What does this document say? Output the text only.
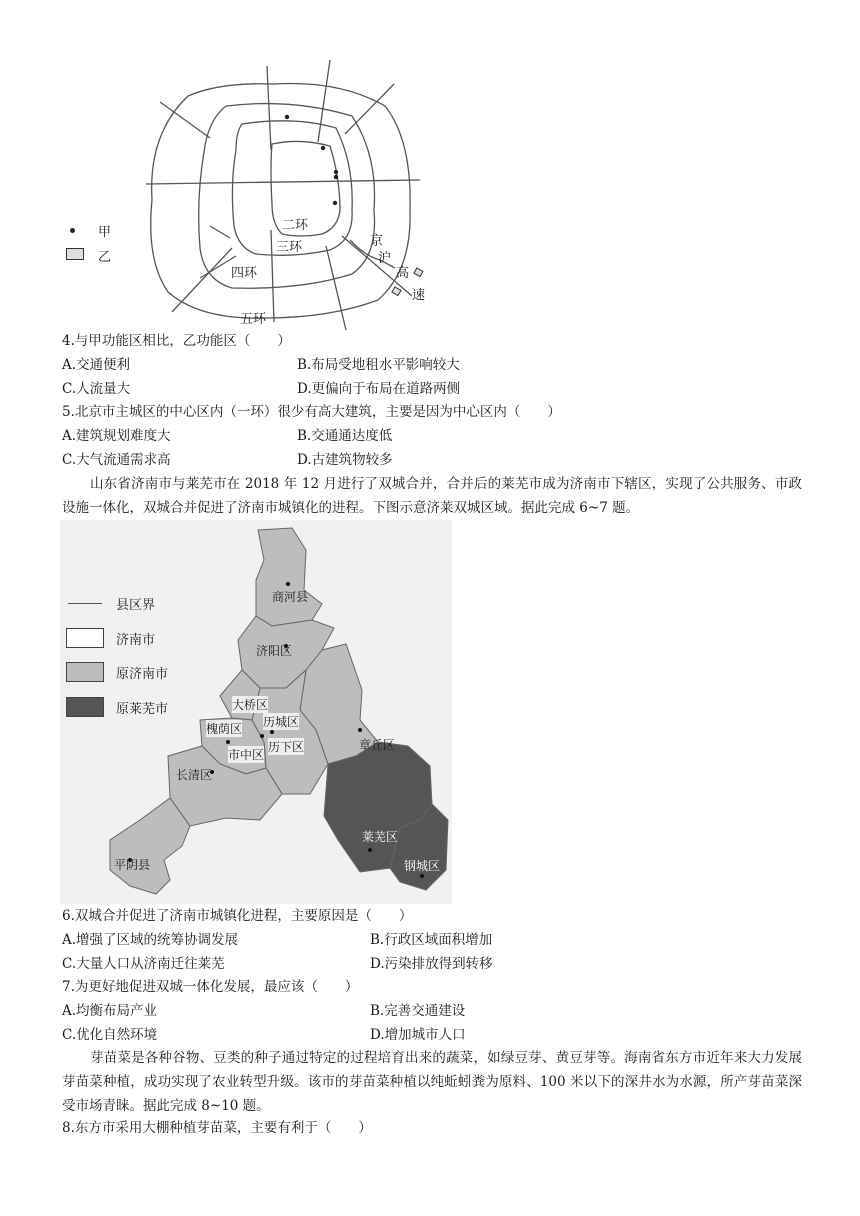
二环
三环
四环
五环
京
沪
高
速
甲
乙
4.与甲功能区相比，乙功能区（　　）
A.交通便利	B.布局受地租水平影响较大
C.人流量大	D.更偏向于布局在道路两侧
5.北京市主城区的中心区内（一环）很少有高大建筑，主要是因为中心区内（　　）
A.建筑规划难度大	B.交通通达度低
C.大气流通需求高	D.古建筑物较多
山东省济南市与莱芜市在 2018 年 12 月进行了双城合并，合并后的莱芜市成为济南市下辖区，实现了公共服务、市政设施一体化，双城合并促进了济南市城镇化的进程。下图示意济莱双城区域。据此完成 6~7 题。
县区界
济南市
原济南市
原莱芜市
商河县
济阳区
大桥区
历城区
槐荫区
历下区
市中区
章丘区
长清区
平阴县
莱芜区
钢城区
6.双城合并促进了济南市城镇化进程，主要原因是（　　）
A.增强了区域的统筹协调发展	B.行政区域面积增加
C.大量人口从济南迁往莱芜	D.污染排放得到转移
7.为更好地促进双城一体化发展，最应该（　　）
A.均衡布局产业	B.完善交通建设
C.优化自然环境	D.增加城市人口
芽苗菜是各种谷物、豆类的种子通过特定的过程培育出来的蔬菜，如绿豆芽、黄豆芽等。海南省东方市近年来大力发展芽苗菜种植，成功实现了农业转型升级。该市的芽苗菜种植以纯蚯蚓粪为原料、100 米以下的深井水为水源，所产芽苗菜深受市场青睐。据此完成 8~10 题。
8.东方市采用大棚种植芽苗菜，主要有利于（　　）
